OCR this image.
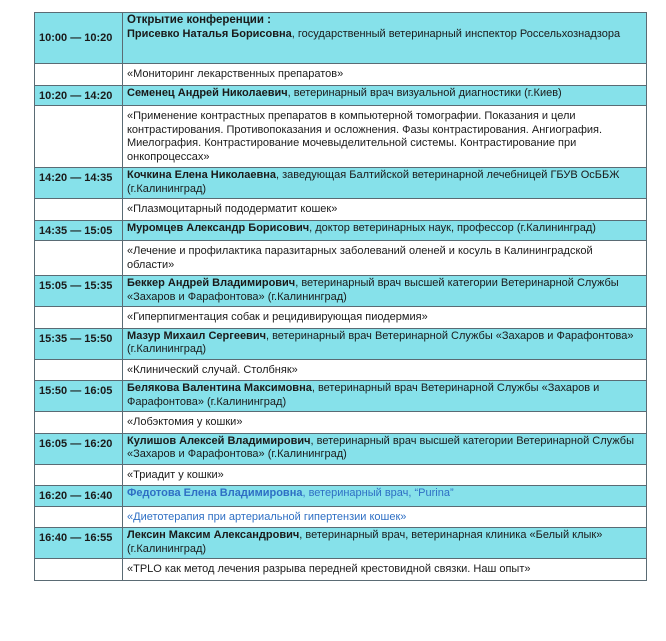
10:00 — 10:20	Открытие конференции :
Присевко Наталья Борисовна, государственный ветеринарный инспектор Россельхознадзора
	«Мониторинг лекарственных препаратов»
10:20 — 14:20	Семенец Андрей Николаевич, ветеринарный врач визуальной диагностики (г.Киев)
	«Применение контрастных препаратов в компьютерной томографии. Показания и цели контрастирования. Противопоказания и осложнения. Фазы контрастирования. Ангиография. Миелография. Контрастирование мочевыделительной системы. Контрастирование при онкопроцессах»
14:20 — 14:35	Кочкина Елена Николаевна, заведующая Балтийской ветеринарной лечебницей ГБУВ ОсББЖ (г.Калининград)
	«Плазмоцитарный пододерматит кошек»
14:35 — 15:05	Муромцев Александр Борисович, доктор ветеринарных наук, профессор (г.Калининград)
	«Лечение и профилактика паразитарных заболеваний оленей и косуль в Калининградской области»
15:05 — 15:35	Беккер Андрей Владимирович, ветеринарный врач высшей категории Ветеринарной Службы «Захаров и Фарафонтова» (г.Калининград)
	«Гиперпигментация собак и рецидивирующая пиодермия»
15:35 — 15:50	Мазур Михаил Сергеевич, ветеринарный врач Ветеринарной Службы «Захаров и Фарафонтова» (г.Калининград)
	«Клинический случай. Столбняк»
15:50 — 16:05	Белякова Валентина Максимовна, ветеринарный врач Ветеринарной Службы «Захаров и Фарафонтова» (г.Калининград)
	«Лобэктомия у кошки»
16:05 — 16:20	Кулишов Алексей Владимирович, ветеринарный врач высшей категории Ветеринарной Службы «Захаров и Фарафонтова» (г.Калининград)
	«Триадит у кошки»
16:20 — 16:40	Федотова Елена Владимировна, ветеринарный врач, “Purina”
	«Диетотерапия при артериальной гипертензии кошек»
16:40 — 16:55	Лексин Максим Александрович, ветеринарный врач, ветеринарная клиника «Белый клык» (г.Калининград)
	«TPLO как метод лечения разрыва передней крестовидной связки. Наш опыт»
